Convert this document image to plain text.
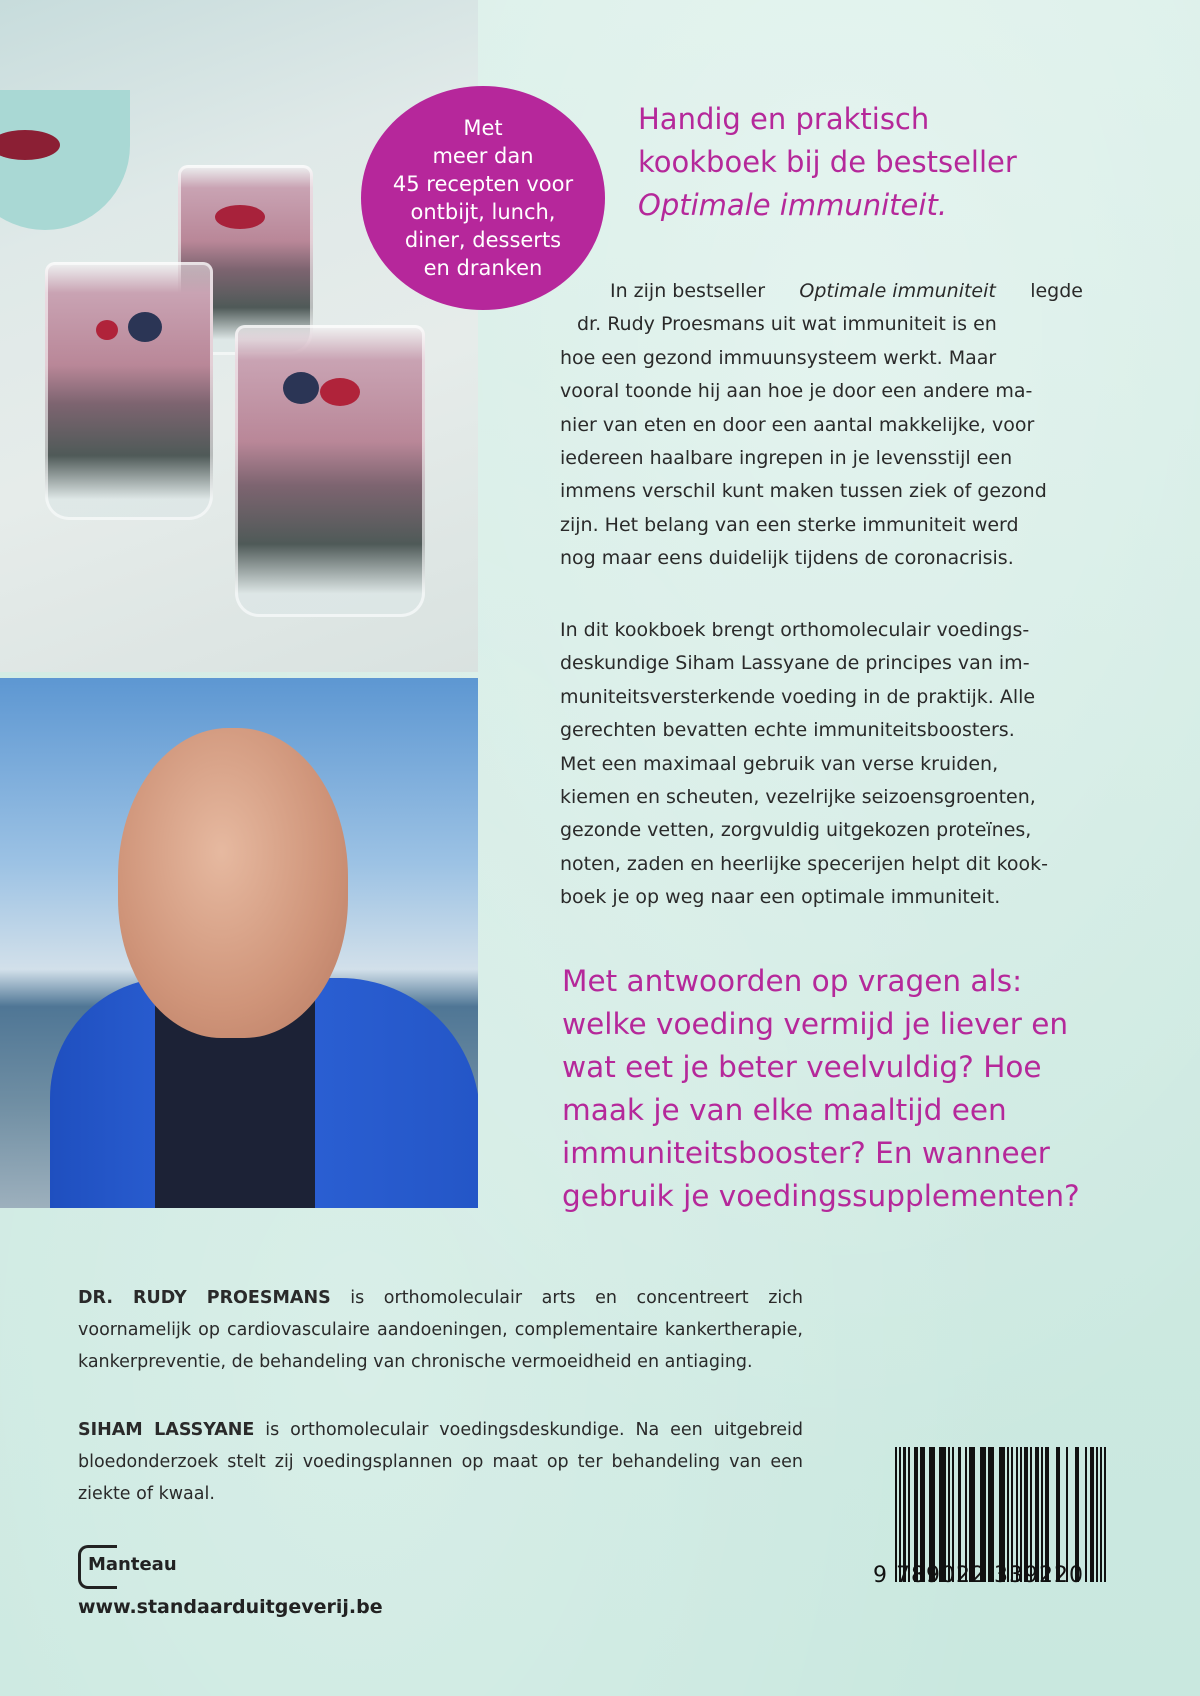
Met
meer dan
45 recepten voor
ontbijt, lunch,
diner, desserts
en dranken
Handig en praktisch
kookboek bij de bestseller
Optimale immuniteit.
In zijn bestseller Optimale immuniteit legde
dr. Rudy Proesmans uit wat immuniteit is en
hoe een gezond immuunsysteem werkt. Maar
vooral toonde hij aan hoe je door een andere ma-
nier van eten en door een aantal makkelijke, voor
iedereen haalbare ingrepen in je levensstijl een
immens verschil kunt maken tussen ziek of gezond
zijn. Het belang van een sterke immuniteit werd
nog maar eens duidelijk tijdens de coronacrisis.
In dit kookboek brengt orthomoleculair voedings-
deskundige Siham Lassyane de principes van im-
muniteitsversterkende voeding in de praktijk. Alle
gerechten bevatten echte immuniteitsboosters.
Met een maximaal gebruik van verse kruiden,
kiemen en scheuten, vezelrijke seizoensgroenten,
gezonde vetten, zorgvuldig uitgekozen proteïnes,
noten, zaden en heerlijke specerijen helpt dit kook-
boek je op weg naar een optimale immuniteit.
Met antwoorden op vragen als:
welke voeding vermijd je liever en
wat eet je beter veelvuldig? Hoe
maak je van elke maaltijd een
immuniteitsbooster? En wanneer
gebruik je voedingssupplementen?
DR. RUDY PROESMANS is orthomoleculair arts en concentreert zich voornamelijk op cardiovasculaire aandoeningen, complementaire kankertherapie, kankerpreventie, de behandeling van chronische vermoeidheid en antiaging.
SIHAM LASSYANE is orthomoleculair voedingsdeskundige. Na een uitgebreid bloedonderzoek stelt zij voedingsplannen op maat op ter behandeling van een ziekte of kwaal.
Manteau
www.standaarduitgeverij.be
9 789022 339220
